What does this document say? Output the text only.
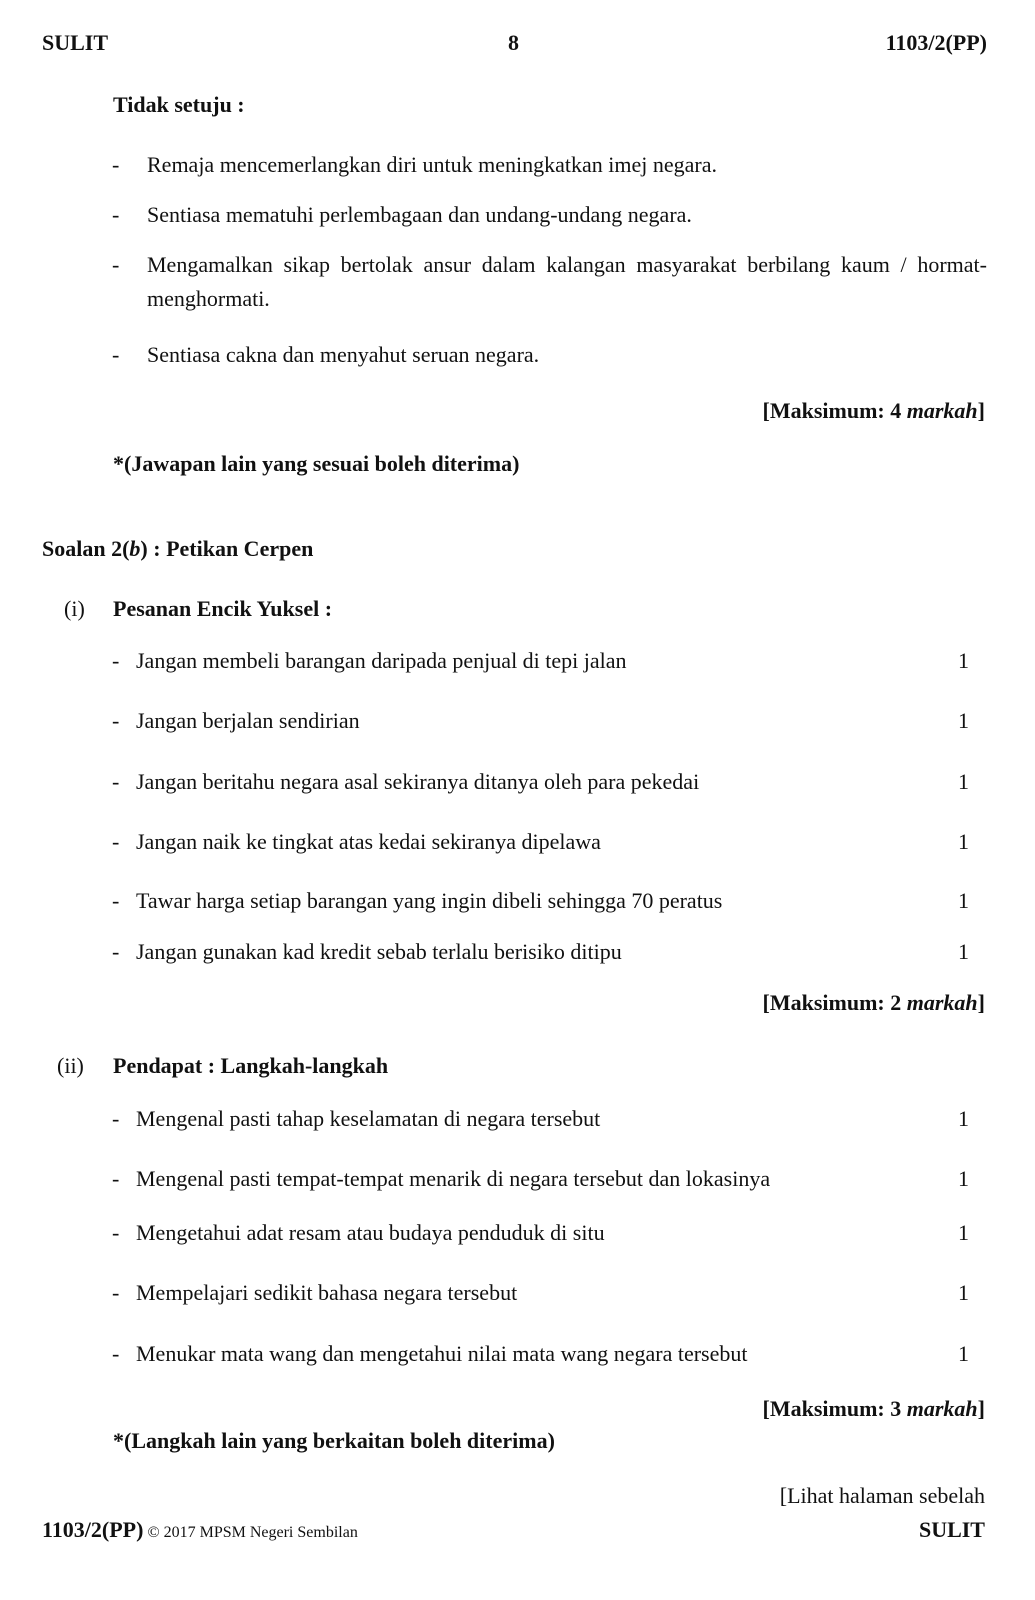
SULIT	8	1103/2(PP)
Tidak setuju :
- Remaja mencemerlangkan diri untuk meningkatkan imej negara.
- Sentiasa mematuhi perlembagaan dan undang-undang negara.
- Mengamalkan sikap bertolak ansur dalam kalangan masyarakat berbilang kaum / hormat-menghormati.
- Sentiasa cakna dan menyahut seruan negara.
[Maksimum: 4 markah]
*(Jawapan lain yang sesuai boleh diterima)
Soalan 2(b) : Petikan Cerpen
(i) Pesanan Encik Yuksel :
- Jangan membeli barangan daripada penjual di tepi jalan	1
- Jangan berjalan sendirian	1
- Jangan beritahu negara asal sekiranya ditanya oleh para pekedai	1
- Jangan naik ke tingkat atas kedai sekiranya dipelawa	1
- Tawar harga setiap barangan yang ingin dibeli sehingga 70 peratus	1
- Jangan gunakan kad kredit sebab terlalu berisiko ditipu	1
[Maksimum: 2 markah]
(ii) Pendapat : Langkah-langkah
- Mengenal pasti tahap keselamatan di negara tersebut	1
- Mengenal pasti tempat-tempat menarik di negara tersebut dan lokasinya	1
- Mengetahui adat resam atau budaya penduduk di situ	1
- Mempelajari sedikit bahasa negara tersebut	1
- Menukar mata wang dan mengetahui nilai mata wang negara tersebut	1
[Maksimum: 3 markah]
*(Langkah lain yang berkaitan boleh diterima)
[Lihat halaman sebelah
1103/2(PP) © 2017 MPSM Negeri Sembilan	SULIT
